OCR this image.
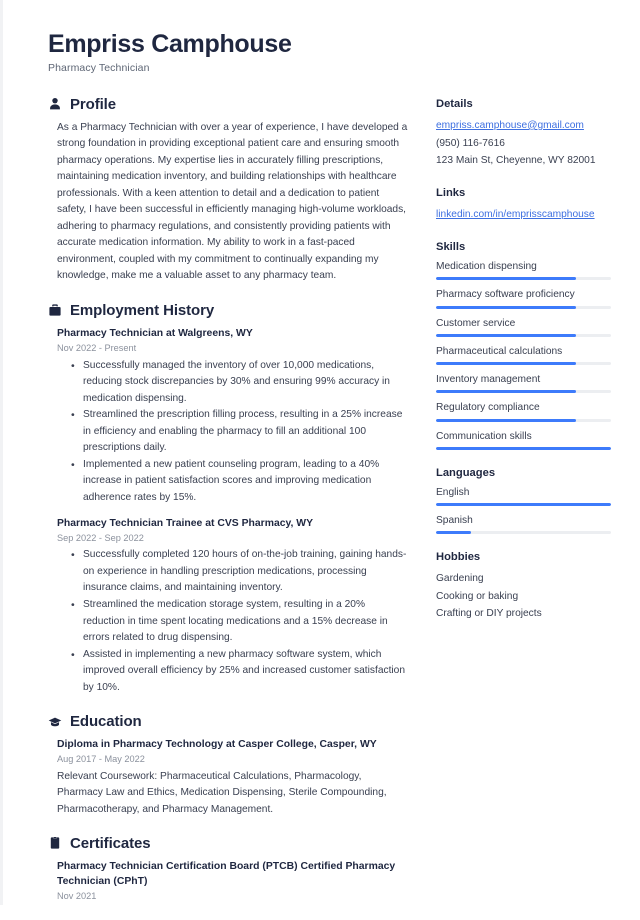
Empriss Camphouse

Pharmacy Technician

Profile

As a Pharmacy Technician with over a year of experience, I have developed a strong foundation in providing exceptional patient care and ensuring smooth pharmacy operations. My expertise lies in accurately filling prescriptions, maintaining medication inventory, and building relationships with healthcare professionals. With a keen attention to detail and a dedication to patient safety, I have been successful in efficiently managing high-volume workloads, adhering to pharmacy regulations, and consistently providing patients with accurate medication information. My ability to work in a fast-paced environment, coupled with my commitment to continually expanding my knowledge, make me a valuable asset to any pharmacy team.

Employment History

Pharmacy Technician at Walgreens, WY

Nov 2022 - Present

• Successfully managed the inventory of over 10,000 medications, reducing stock discrepancies by 30% and ensuring 99% accuracy in medication dispensing.
• Streamlined the prescription filling process, resulting in a 25% increase in efficiency and enabling the pharmacy to fill an additional 100 prescriptions daily.
• Implemented a new patient counseling program, leading to a 40% increase in patient satisfaction scores and improving medication adherence rates by 15%.

Pharmacy Technician Trainee at CVS Pharmacy, WY

Sep 2022 - Sep 2022

• Successfully completed 120 hours of on-the-job training, gaining hands-on experience in handling prescription medications, processing insurance claims, and maintaining inventory.
• Streamlined the medication storage system, resulting in a 20% reduction in time spent locating medications and a 15% decrease in errors related to drug dispensing.
• Assisted in implementing a new pharmacy software system, which improved overall efficiency by 25% and increased customer satisfaction by 10%.
Education

Diploma in Pharmacy Technology at Casper College, Casper, WY

Aug 2017 - May 2022

Relevant Coursework: Pharmaceutical Calculations, Pharmacology, Pharmacy Law and Ethics, Medication Dispensing, Sterile Compounding, Pharmacotherapy, and Pharmacy Management.

Certificates

Pharmacy Technician Certification Board (PTCB) Certified Pharmacy Technician (CPhT)

Nov 2021

Details

empriss.camphouse@gmail.com
(950) 116-7616
123 Main St, Cheyenne, WY 82001

Links

linkedin.com/in/emprisscamphouse

Skills

Medication dispensing
Pharmacy software proficiency
Customer service
Pharmaceutical calculations
Inventory management
Regulatory compliance
Communication skills

Languages

English
Spanish

Hobbies

Gardening
Cooking or baking
Crafting or DIY projects
